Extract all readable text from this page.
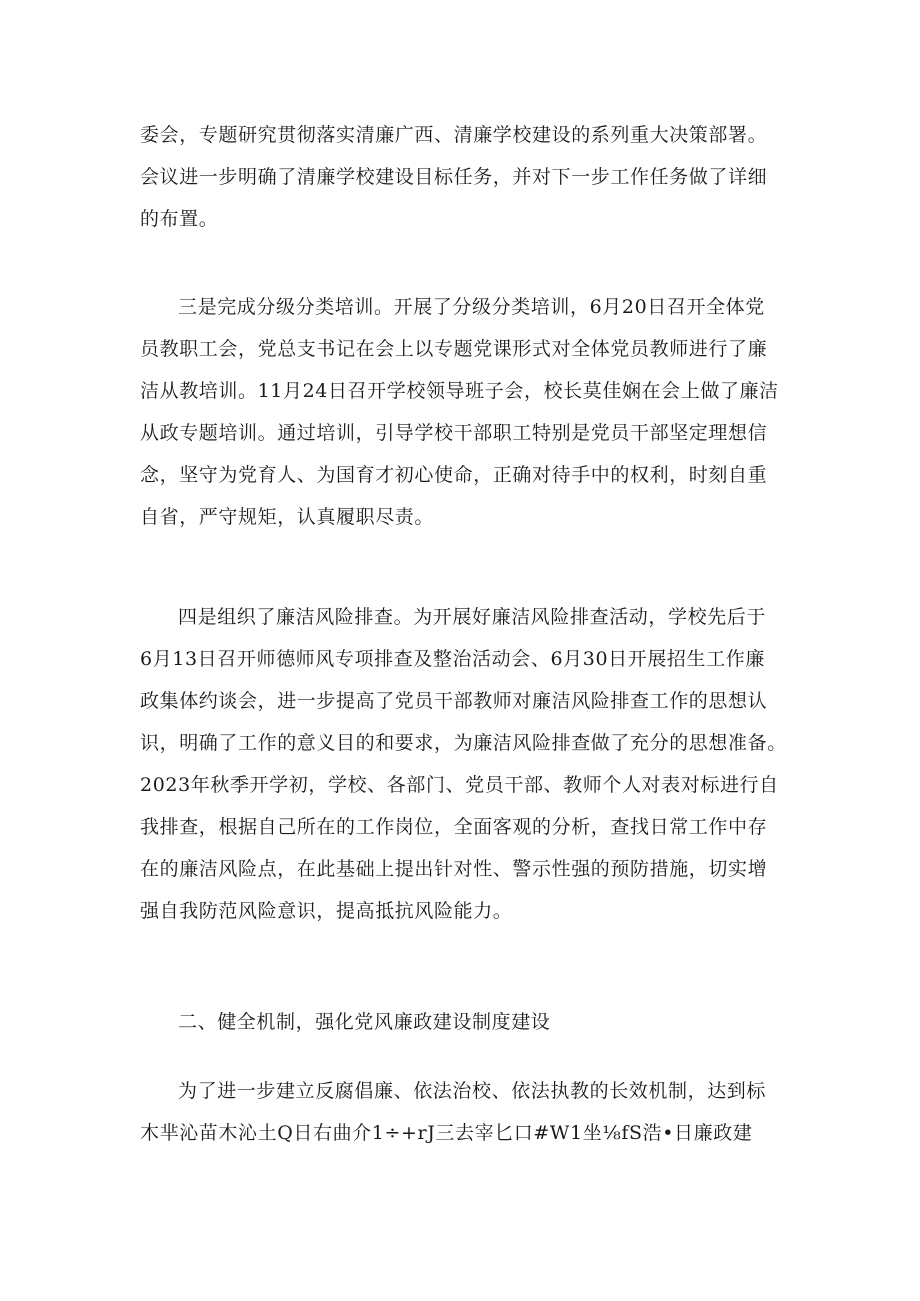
委会，专题研究贯彻落实清廉广西、清廉学校建设的系列重大决策部署。
会议进一步明确了清廉学校建设目标任务，并对下一步工作任务做了详细
的布置。
三是完成分级分类培训。开展了分级分类培训，6月20日召开全体党
员教职工会，党总支书记在会上以专题党课形式对全体党员教师进行了廉
洁从教培训。11月24日召开学校领导班子会，校长莫佳娴在会上做了廉洁
从政专题培训。通过培训，引导学校干部职工特别是党员干部坚定理想信
念，坚守为党育人、为国育才初心使命，正确对待手中的权利，时刻自重
自省，严守规矩，认真履职尽责。
四是组织了廉洁风险排查。为开展好廉洁风险排查活动，学校先后于
6月13日召开师德师风专项排查及整治活动会、6月30日开展招生工作廉
政集体约谈会，进一步提高了党员干部教师对廉洁风险排查工作的思想认
识，明确了工作的意义目的和要求，为廉洁风险排查做了充分的思想准备。
2023年秋季开学初，学校、各部门、党员干部、教师个人对表对标进行自
我排查，根据自己所在的工作岗位，全面客观的分析，查找日常工作中存
在的廉洁风险点，在此基础上提出针对性、警示性强的预防措施，切实增
强自我防范风险意识，提高抵抗风险能力。
二、健全机制，强化党风廉政建设制度建设
为了进一步建立反腐倡廉、依法治校、依法执教的长效机制，达到标
木芈沁苗木沁土Q日右曲介1÷+rJ三去宰匕口#W1坐⅛fS浩•日廉政建
